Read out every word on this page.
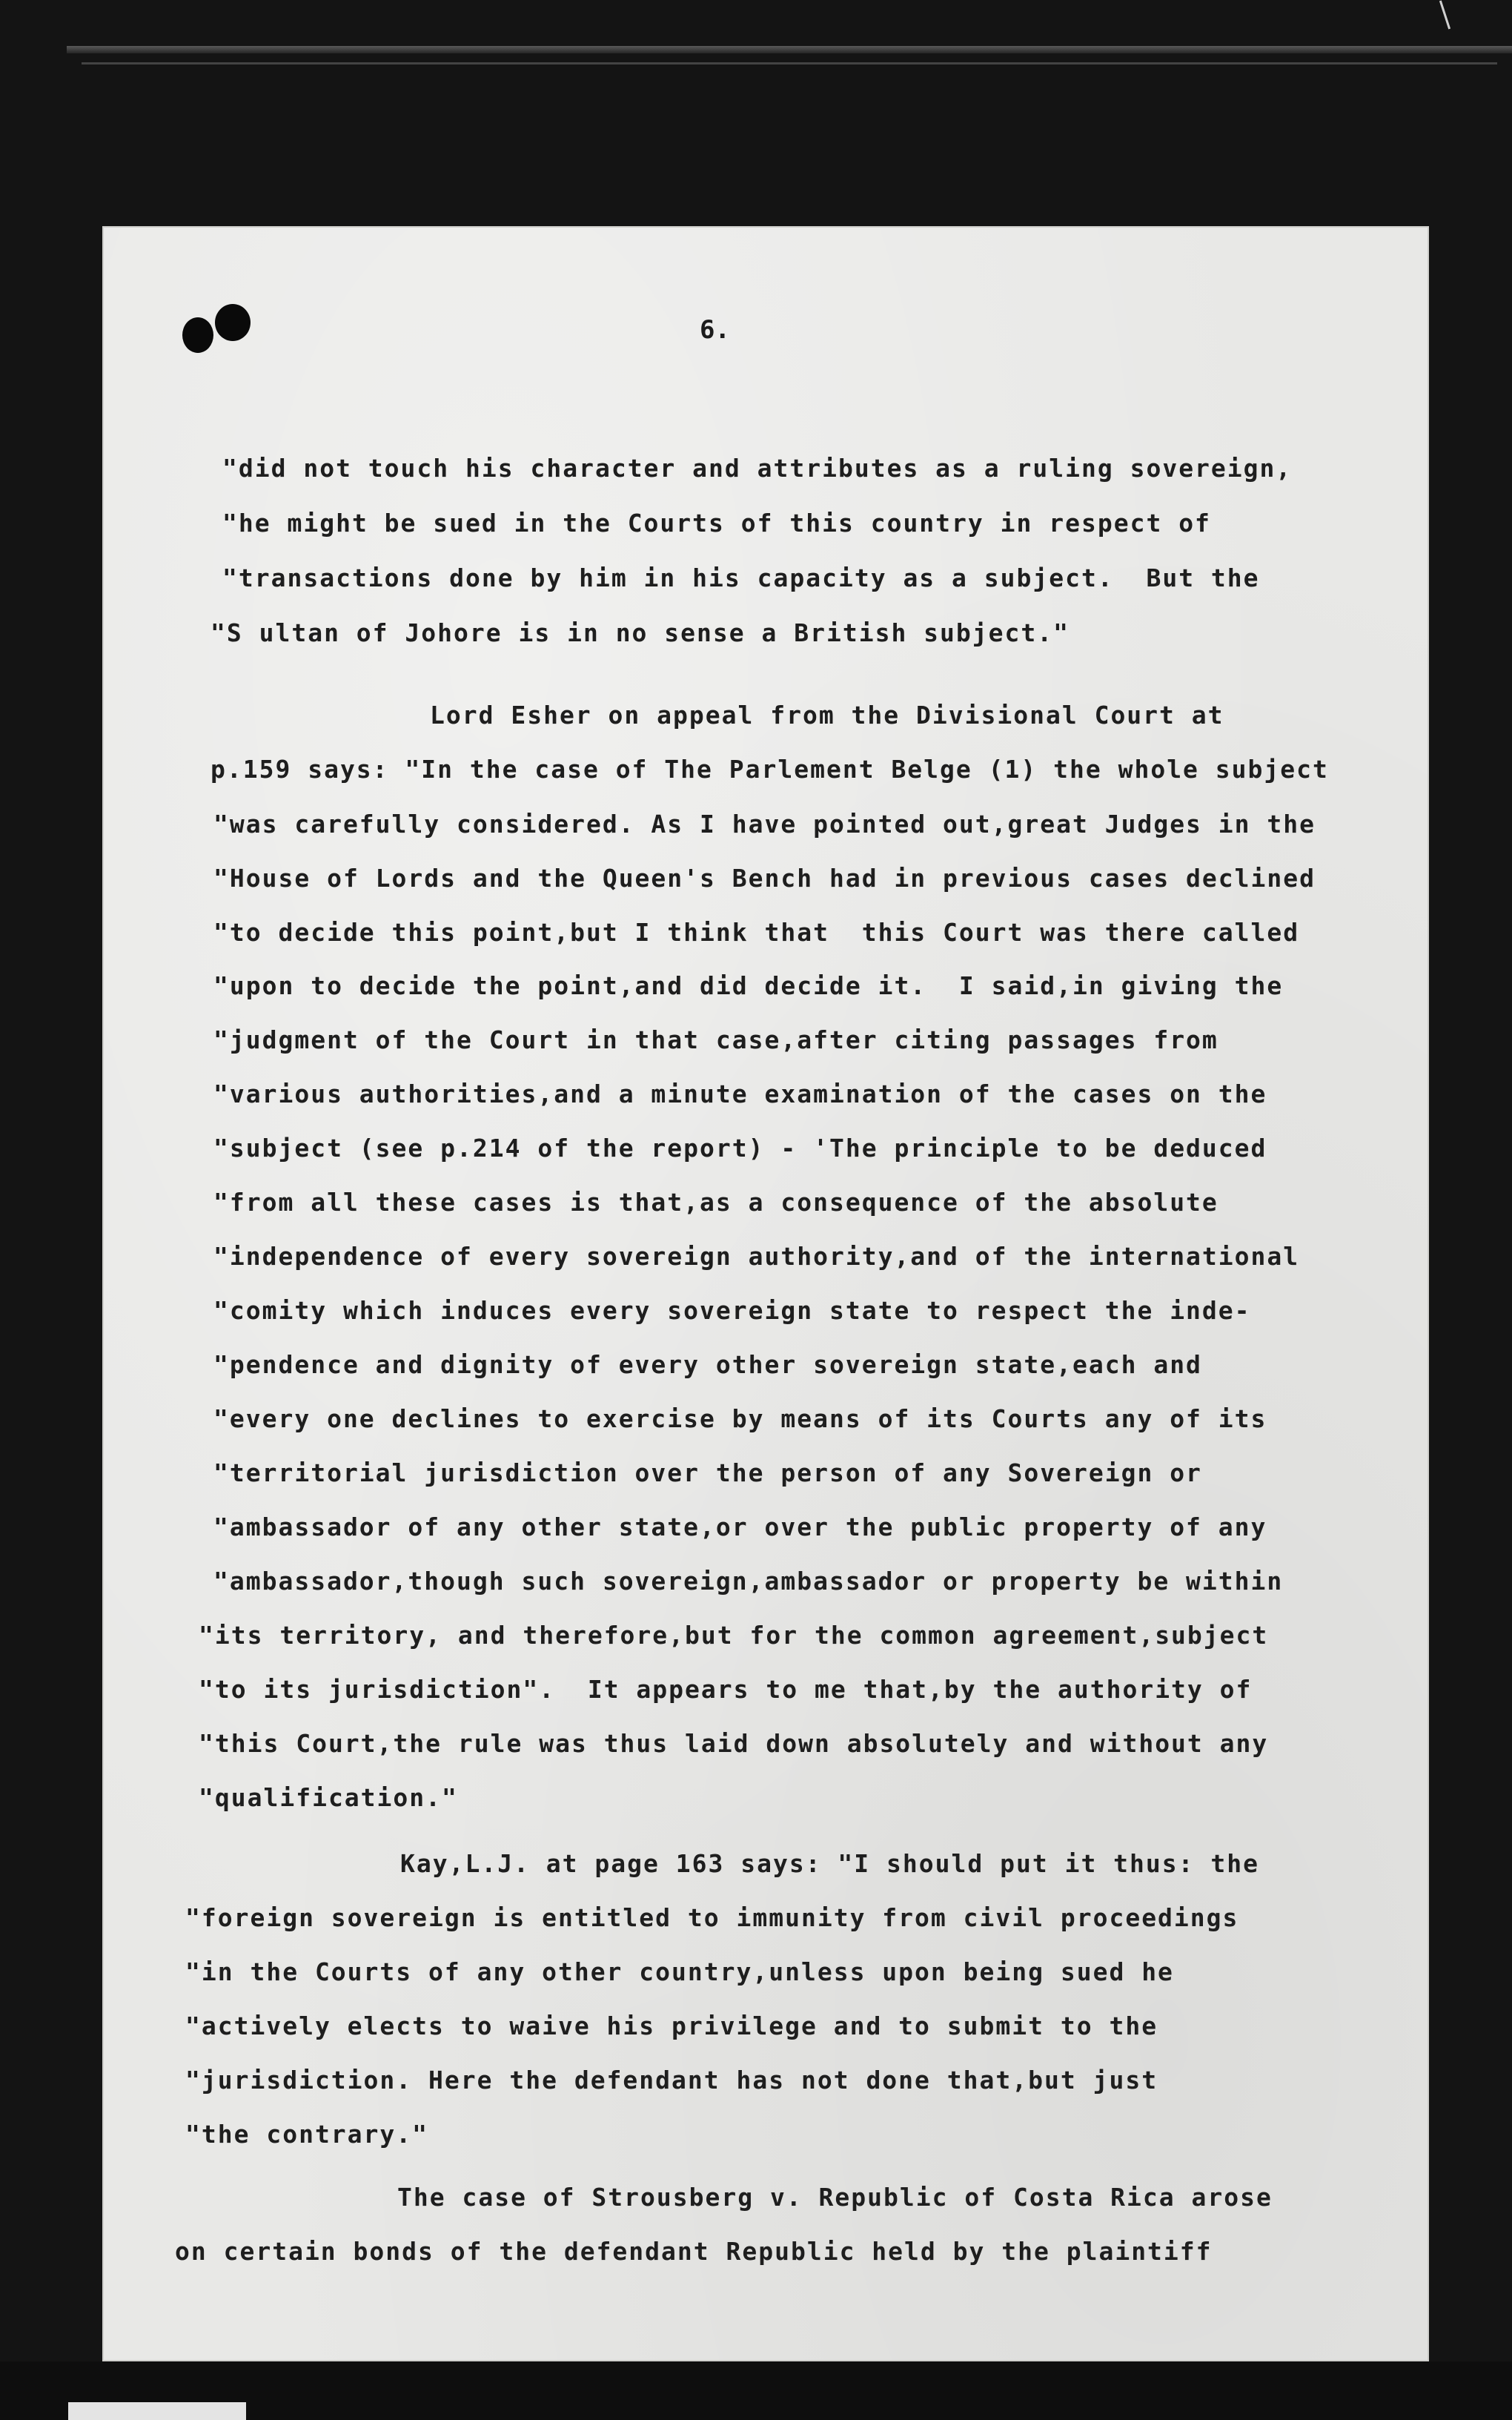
6.
"did not touch his character and attributes as a ruling sovereign,
"he might be sued in the Courts of this country in respect of
"transactions done by him in his capacity as a subject.  But the
"S ultan of Johore is in no sense a British subject."
Lord Esher on appeal from the Divisional Court at
p.159 says: "In the case of The Parlement Belge (1) the whole subject
"was carefully considered. As I have pointed out,great Judges in the
"House of Lords and the Queen's Bench had in previous cases declined
"to decide this point,but I think that  this Court was there called
"upon to decide the point,and did decide it.  I said,in giving the
"judgment of the Court in that case,after citing passages from
"various authorities,and a minute examination of the cases on the
"subject (see p.214 of the report) - 'The principle to be deduced
"from all these cases is that,as a consequence of the absolute
"independence of every sovereign authority,and of the international
"comity which induces every sovereign state to respect the inde-
"pendence and dignity of every other sovereign state,each and
"every one declines to exercise by means of its Courts any of its
"territorial jurisdiction over the person of any Sovereign or
"ambassador of any other state,or over the public property of any
"ambassador,though such sovereign,ambassador or property be within
"its territory, and therefore,but for the common agreement,subject
"to its jurisdiction".  It appears to me that,by the authority of
"this Court,the rule was thus laid down absolutely and without any
"qualification."
Kay,L.J. at page 163 says: "I should put it thus: the
"foreign sovereign is entitled to immunity from civil proceedings
"in the Courts of any other country,unless upon being sued he
"actively elects to waive his privilege and to submit to the
"jurisdiction. Here the defendant has not done that,but just
"the contrary."
The case of Strousberg v. Republic of Costa Rica arose
on certain bonds of the defendant Republic held by the plaintiff
